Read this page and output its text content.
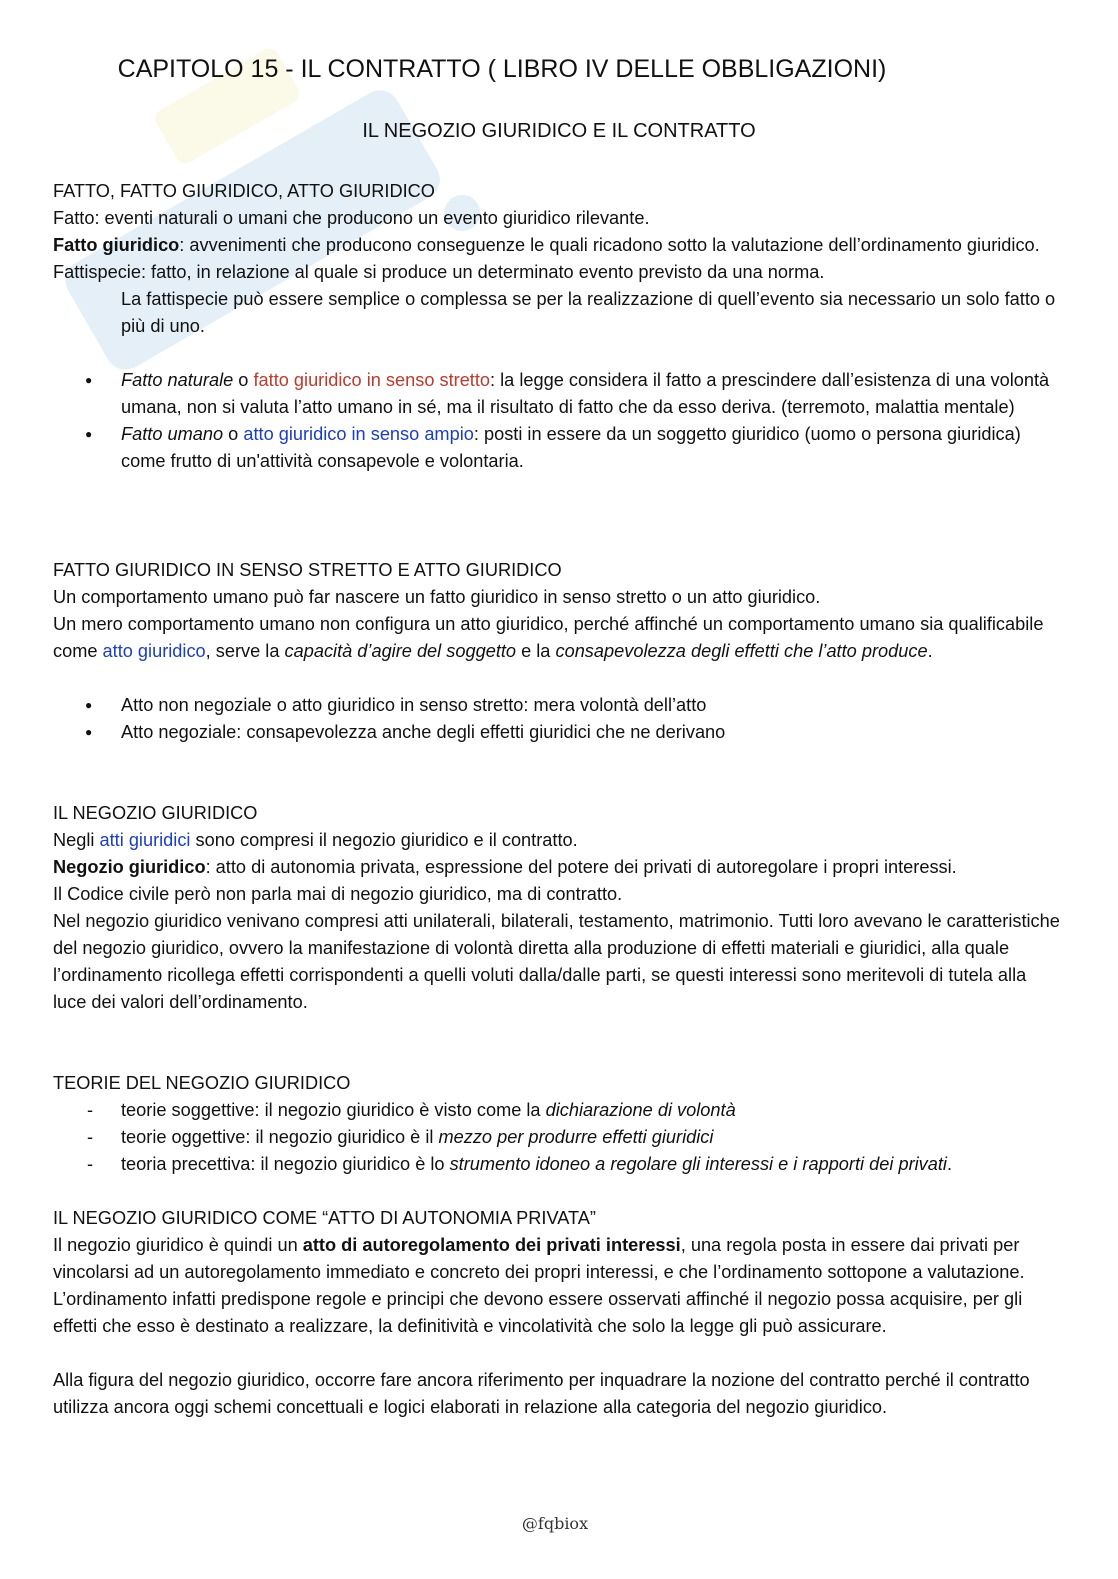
CAPITOLO 15 - IL CONTRATTO ( LIBRO IV DELLE OBBLIGAZIONI)
IL NEGOZIO GIURIDICO E IL CONTRATTO

FATTO, FATTO GIURIDICO, ATTO GIURIDICO

Fatto: eventi naturali o umani che producono un evento giuridico rilevante.

Fatto giuridico: avvenimenti che producono conseguenze le quali ricadono sotto la valutazione dell’ordinamento giuridico.

Fattispecie: fatto, in relazione al quale si produce un determinato evento previsto da una norma.

La fattispecie può essere semplice o complessa se per la realizzazione di quell’evento sia necessario un solo fatto o più di uno.

● Fatto naturale o fatto giuridico in senso stretto: la legge considera il fatto a prescindere dall’esistenza di una volontà umana, non si valuta l’atto umano in sé, ma il risultato di fatto che da esso deriva. (terremoto, malattia mentale)
● Fatto umano o atto giuridico in senso ampio: posti in essere da un soggetto giuridico (uomo o persona giuridica) come frutto di un'attività consapevole e volontaria.

FATTO GIURIDICO IN SENSO STRETTO E ATTO GIURIDICO

Un comportamento umano può far nascere un fatto giuridico in senso stretto o un atto giuridico.

Un mero comportamento umano non configura un atto giuridico, perché affinché un comportamento umano sia qualificabile come atto giuridico, serve la capacità d’agire del soggetto e la consapevolezza degli effetti che l’atto produce.

● Atto non negoziale o atto giuridico in senso stretto: mera volontà dell’atto
● Atto negoziale: consapevolezza anche degli effetti giuridici che ne derivano

IL NEGOZIO GIURIDICO

Negli atti giuridici sono compresi il negozio giuridico e il contratto.

Negozio giuridico: atto di autonomia privata, espressione del potere dei privati di autoregolare i propri interessi.

Il Codice civile però non parla mai di negozio giuridico, ma di contratto.

Nel negozio giuridico venivano compresi atti unilaterali, bilaterali, testamento, matrimonio. Tutti loro avevano le caratteristiche del negozio giuridico, ovvero la manifestazione di volontà diretta alla produzione di effetti materiali e giuridici, alla quale l’ordinamento ricollega effetti corrispondenti a quelli voluti dalla/dalle parti, se questi interessi sono meritevoli di tutela alla luce dei valori dell’ordinamento.

TEORIE DEL NEGOZIO GIURIDICO

- teorie soggettive: il negozio giuridico è visto come la dichiarazione di volontà
- teorie oggettive: il negozio giuridico è il mezzo per produrre effetti giuridici
- teoria precettiva: il negozio giuridico è lo strumento idoneo a regolare gli interessi e i rapporti dei privati.

IL NEGOZIO GIURIDICO COME “ATTO DI AUTONOMIA PRIVATA”

Il negozio giuridico è quindi un atto di autoregolamento dei privati interessi, una regola posta in essere dai privati per vincolarsi ad un autoregolamento immediato e concreto dei propri interessi, e che l’ordinamento sottopone a valutazione. L’ordinamento infatti predispone regole e principi che devono essere osservati affinché il negozio possa acquisire, per gli effetti che esso è destinato a realizzare, la definitività e vincolatività che solo la legge gli può assicurare.

Alla figura del negozio giuridico, occorre fare ancora riferimento per inquadrare la nozione del contratto perché il contratto utilizza ancora oggi schemi concettuali e logici elaborati in relazione alla categoria del negozio giuridico.

@fqbiox
